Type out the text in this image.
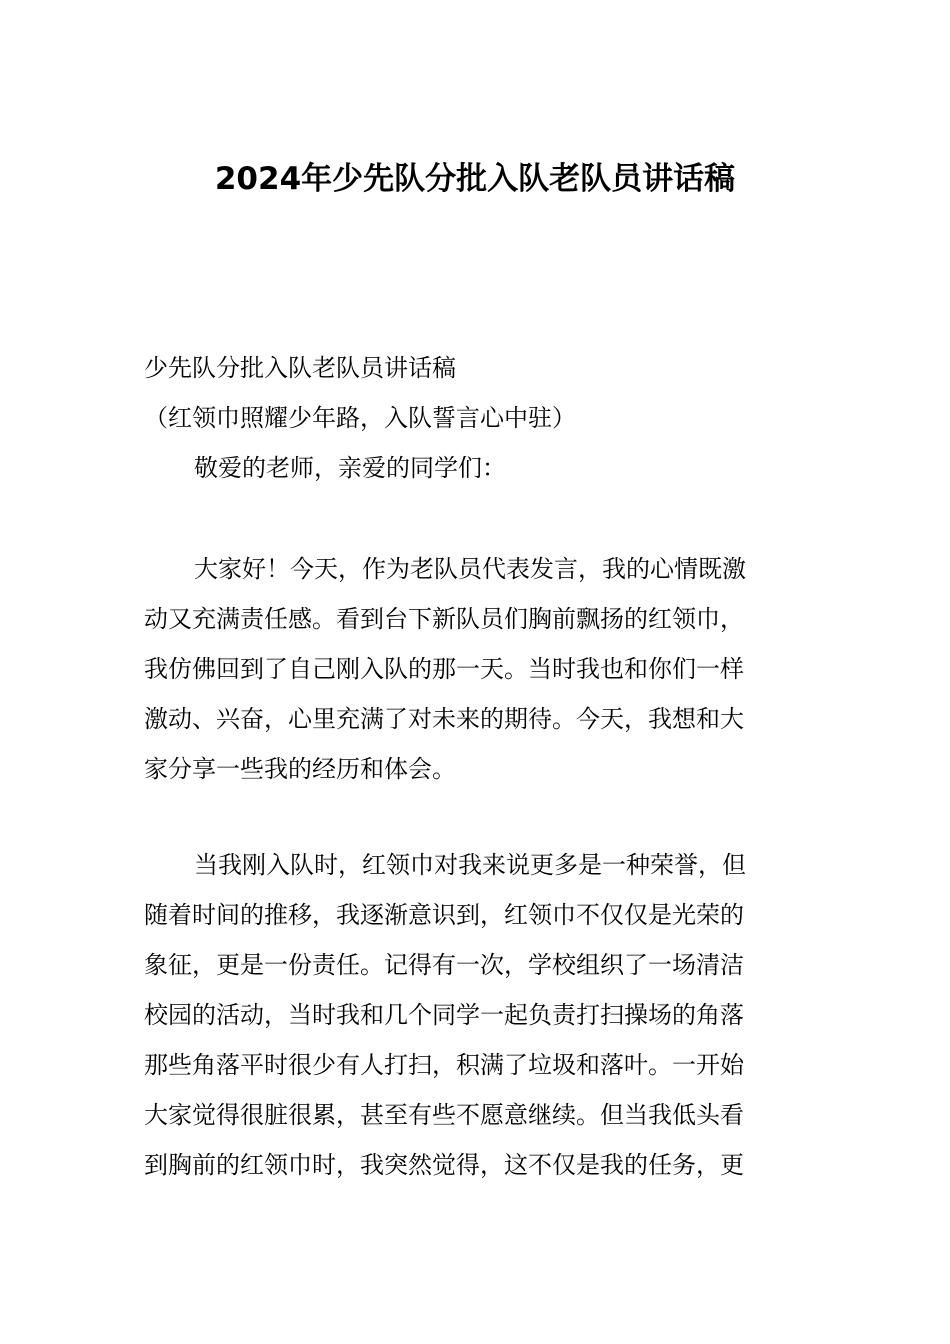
2024年少先队分批入队老队员讲话稿
少先队分批入队老队员讲话稿
（红领巾照耀少年路，入队誓言心中驻）
敬爱的老师，亲爱的同学们：
大家好！今天，作为老队员代表发言，我的心情既激
动又充满责任感。看到台下新队员们胸前飘扬的红领巾，
我仿佛回到了自己刚入队的那一天。当时我也和你们一样
激动、兴奋，心里充满了对未来的期待。今天，我想和大
家分享一些我的经历和体会。
当我刚入队时，红领巾对我来说更多是一种荣誉，但
随着时间的推移，我逐渐意识到，红领巾不仅仅是光荣的
象征，更是一份责任。记得有一次，学校组织了一场清洁
校园的活动，当时我和几个同学一起负责打扫操场的角落
那些角落平时很少有人打扫，积满了垃圾和落叶。一开始
大家觉得很脏很累，甚至有些不愿意继续。但当我低头看
到胸前的红领巾时，我突然觉得，这不仅是我的任务，更
